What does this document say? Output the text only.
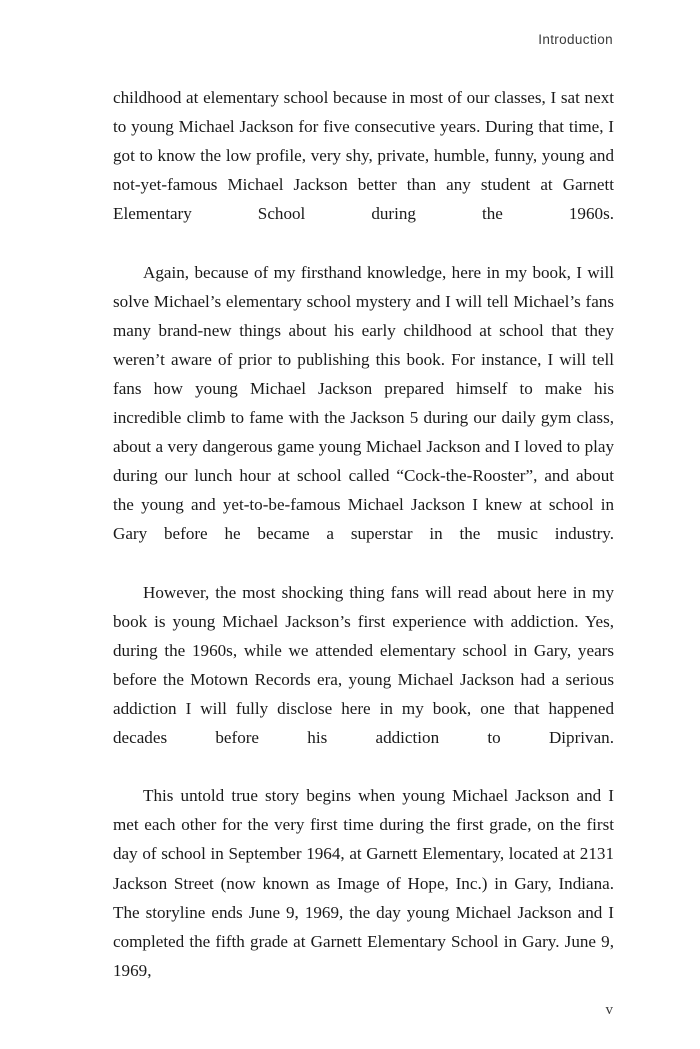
Introduction

childhood at elementary school because in most of our classes, I sat next to young Michael Jackson for five consecutive years. During that time, I got to know the low profile, very shy, private, humble, funny, young and not-yet-famous Michael Jackson better than any student at Garnett Elementary School during the 1960s.

Again, because of my firsthand knowledge, here in my book, I will solve Michael’s elementary school mystery and I will tell Michael’s fans many brand-new things about his early childhood at school that they weren’t aware of prior to publishing this book. For instance, I will tell fans how young Michael Jackson prepared himself to make his incredible climb to fame with the Jackson 5 during our daily gym class, about a very dangerous game young Michael Jackson and I loved to play during our lunch hour at school called “Cock-the-Rooster”, and about the young and yet-to-be-famous Michael Jackson I knew at school in Gary before he became a superstar in the music industry.

However, the most shocking thing fans will read about here in my book is young Michael Jackson’s first experience with addiction. Yes, during the 1960s, while we attended elementary school in Gary, years before the Motown Records era, young Michael Jackson had a serious addiction I will fully disclose here in my book, one that happened decades before his addiction to Diprivan.

This untold true story begins when young Michael Jackson and I met each other for the very first time during the first grade, on the first day of school in September 1964, at Garnett Elementary, located at 2131 Jackson Street (now known as Image of Hope, Inc.) in Gary, Indiana. The storyline ends June 9, 1969, the day young Michael Jackson and I completed the fifth grade at Garnett Elementary School in Gary. June 9, 1969,

v
